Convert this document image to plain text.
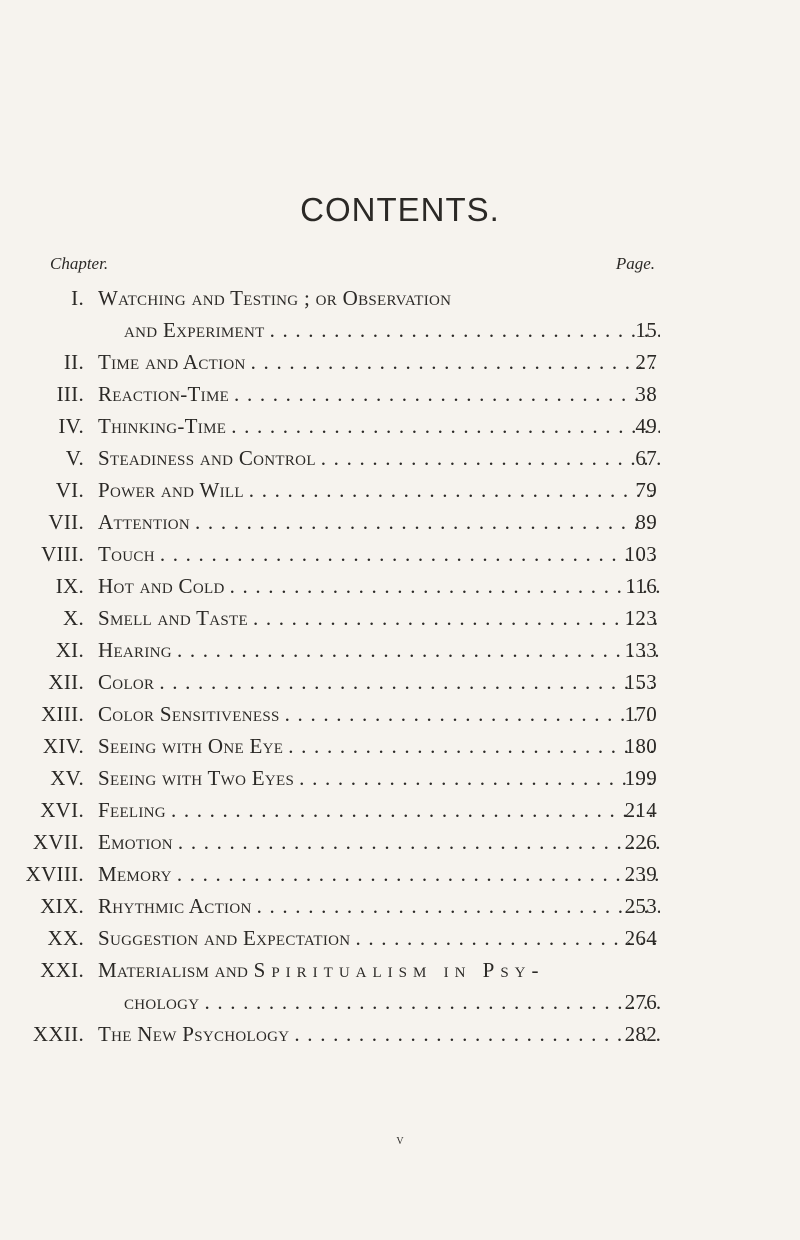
CONTENTS.
Chapter.	Page.
I. Watching and Testing ; or Observation
and Experiment . . .	15
II. Time and Action . . .	27
III. Reaction-Time . . .	38
IV. Thinking-Time . . .	49
V. Steadiness and Control . . .	67
VI. Power and Will . . .	79
VII. Attention . . .	89
VIII. Touch . . .	103
IX. Hot and Cold . . .	116
X. Smell and Taste . . .	123
XI. Hearing . . .	133
XII. Color . . .	153
XIII. Color Sensitiveness . . .	170
XIV. Seeing with One Eye . . .	180
XV. Seeing with Two Eyes . . .	199
XVI. Feeling . . .	214
XVII. Emotion . . .	226
XVIII. Memory . . .	239
XIX. Rhythmic Action . . .	253
XX. Suggestion and Expectation . . .	264
XXI. Materialism and Spiritualism in Psy-
chology . . .	276
XXII. The New Psychology . . .	282
v
